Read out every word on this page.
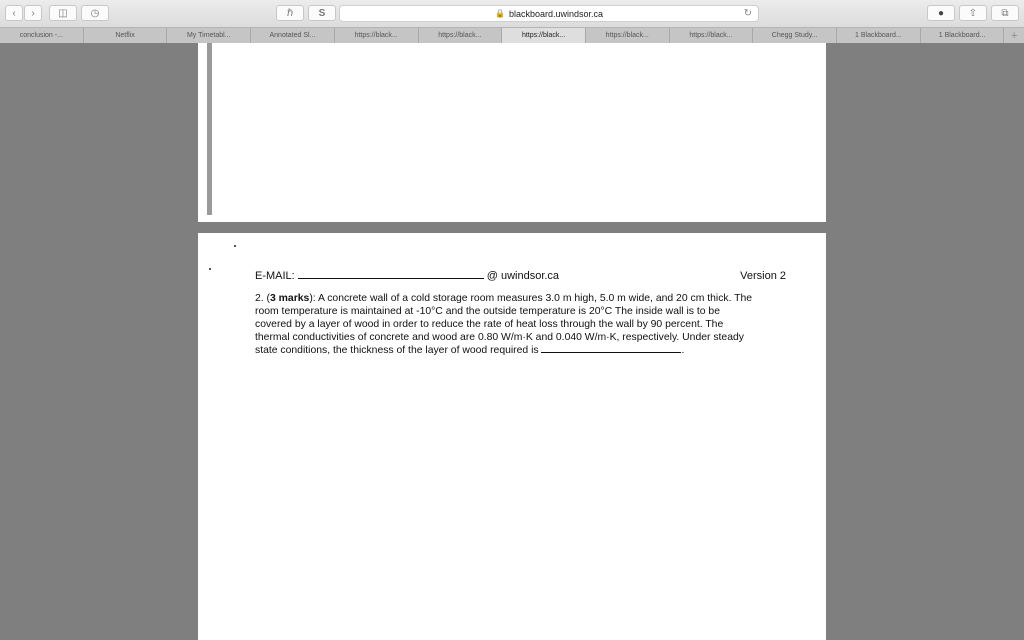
‹ › ◫ ◷	ℏ	S	🔒 blackboard.uwindsor.ca	↻	● ⇧ ⧉
conclusion -...	Netflix	My Timetabl...	Annotated Sl...	https://black...	https://black...	https://black...	https://black...	https://black...	Chegg Study...	1 Blackboard...	1 Blackboard...	+
E-MAIL:	@ uwindsor.ca	Version 2
2. (3 marks): A concrete wall of a cold storage room measures 3.0 m high, 5.0 m wide, and 20 cm thick. The
room temperature is maintained at -10°C and the outside temperature is 20°C The inside wall is to be
covered by a layer of wood in order to reduce the rate of heat loss through the wall by 90 percent. The
thermal conductivities of concrete and wood are 0.80 W/m·K and 0.040 W/m·K, respectively. Under steady
state conditions, the thickness of the layer of wood required is	.
